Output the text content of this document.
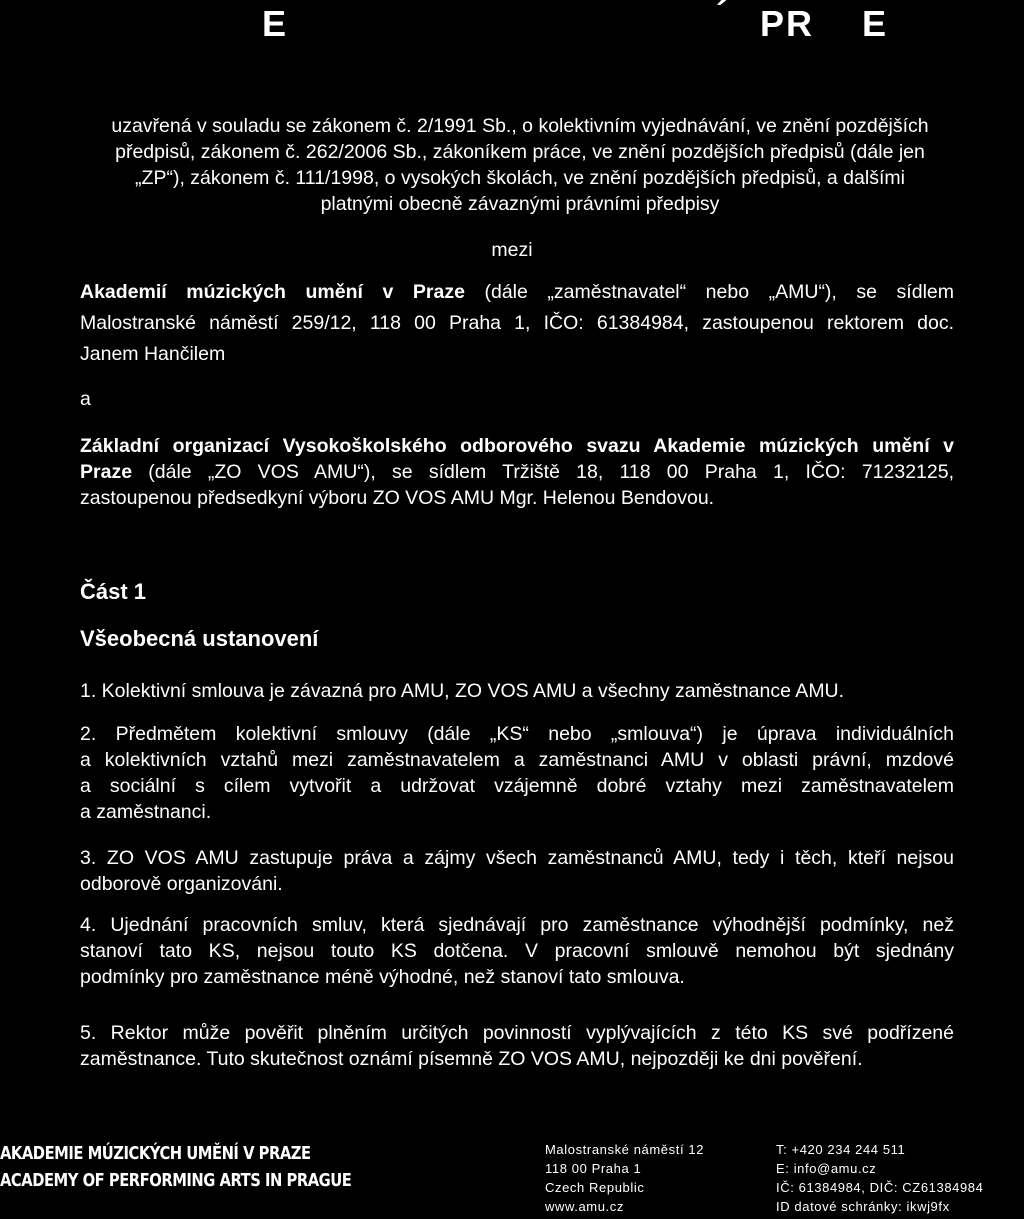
E	´ PR    E
uzavřená v souladu se zákonem č. 2/1991 Sb., o kolektivním vyjednávání, ve znění pozdějších
předpisů, zákonem č. 262/2006 Sb., zákoníkem práce, ve znění pozdějších předpisů (dále jen
„ZP“), zákonem č. 111/1998, o vysokých školách, ve znění pozdějších předpisů, a dalšími
platnými obecně závaznými právními předpisy
mezi
Akademií múzických umění v Praze (dále „zaměstnavatel“ nebo „AMU“), se sídlem
Malostranské náměstí 259/12, 118 00 Praha 1, IČO: 61384984, zastoupenou rektorem doc.
Janem Hančilem
a
Základní organizací Vysokoškolského odborového svazu Akademie múzických umění v
Praze (dále „ZO VOS AMU“), se sídlem Tržiště 18, 118 00 Praha 1, IČO: 71232125,
zastoupenou předsedkyní výboru ZO VOS AMU Mgr. Helenou Bendovou.
Část 1
Všeobecná ustanovení
1. Kolektivní smlouva je závazná pro AMU, ZO VOS AMU a všechny zaměstnance AMU.
2. Předmětem kolektivní smlouvy (dále „KS“ nebo „smlouva“) je úprava individuálních
a kolektivních vztahů mezi zaměstnavatelem a zaměstnanci AMU v oblasti právní, mzdové
a sociální s cílem vytvořit a udržovat vzájemně dobré vztahy mezi zaměstnavatelem
a zaměstnanci.
3. ZO VOS AMU zastupuje práva a zájmy všech zaměstnanců AMU, tedy i těch, kteří nejsou
odborově organizováni.
4. Ujednání pracovních smluv, která sjednávají pro zaměstnance výhodnější podmínky, než
stanoví tato KS, nejsou touto KS dotčena. V pracovní smlouvě nemohou být sjednány
podmínky pro zaměstnance méně výhodné, než stanoví tato smlouva.
5. Rektor může pověřit plněním určitých povinností vyplývajících z této KS své podřízené
zaměstnance. Tuto skutečnost oznámí písemně ZO VOS AMU, nejpozději ke dni pověření.
AKADEMIE MÚZICKÝCH UMĚNÍ V PRAZE
ACADEMY OF PERFORMING ARTS IN PRAGUE
Malostranské náměstí 12
118 00 Praha 1
Czech Republic
www.amu.cz
T: +420 234 244 511
E: info@amu.cz
IČ: 61384984, DIČ: CZ61384984
ID datové schránky: ikwj9fx
